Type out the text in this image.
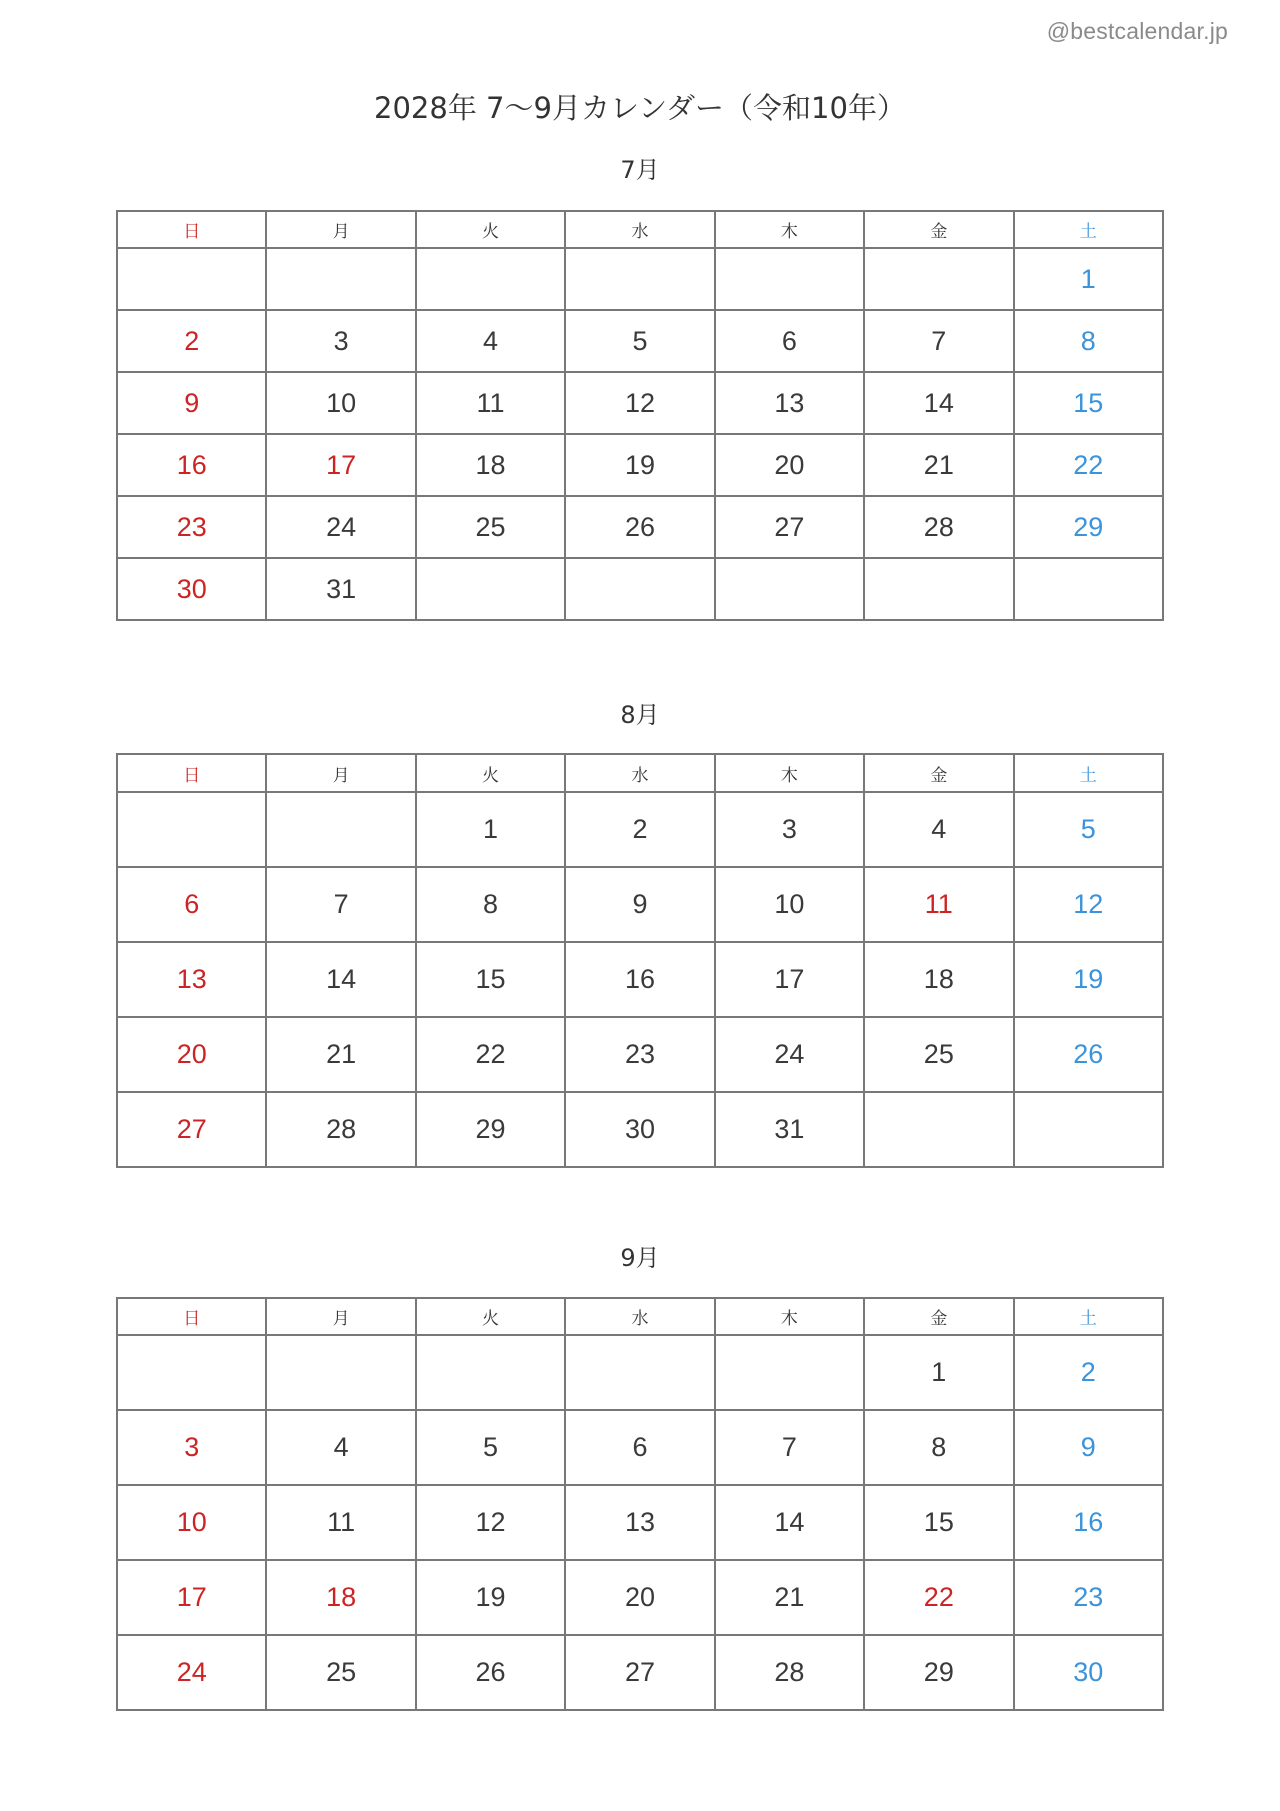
@bestcalendar.jp
2028年 7〜9月カレンダー（令和10年）
7月
日	月	火	水	木	金	土
						1
2	3	4	5	6	7	8
9	10	11	12	13	14	15
16	17	18	19	20	21	22
23	24	25	26	27	28	29
30	31					
8月
日	月	火	水	木	金	土
		1	2	3	4	5
6	7	8	9	10	11	12
13	14	15	16	17	18	19
20	21	22	23	24	25	26
27	28	29	30	31		
9月
日	月	火	水	木	金	土
					1	2
3	4	5	6	7	8	9
10	11	12	13	14	15	16
17	18	19	20	21	22	23
24	25	26	27	28	29	30
